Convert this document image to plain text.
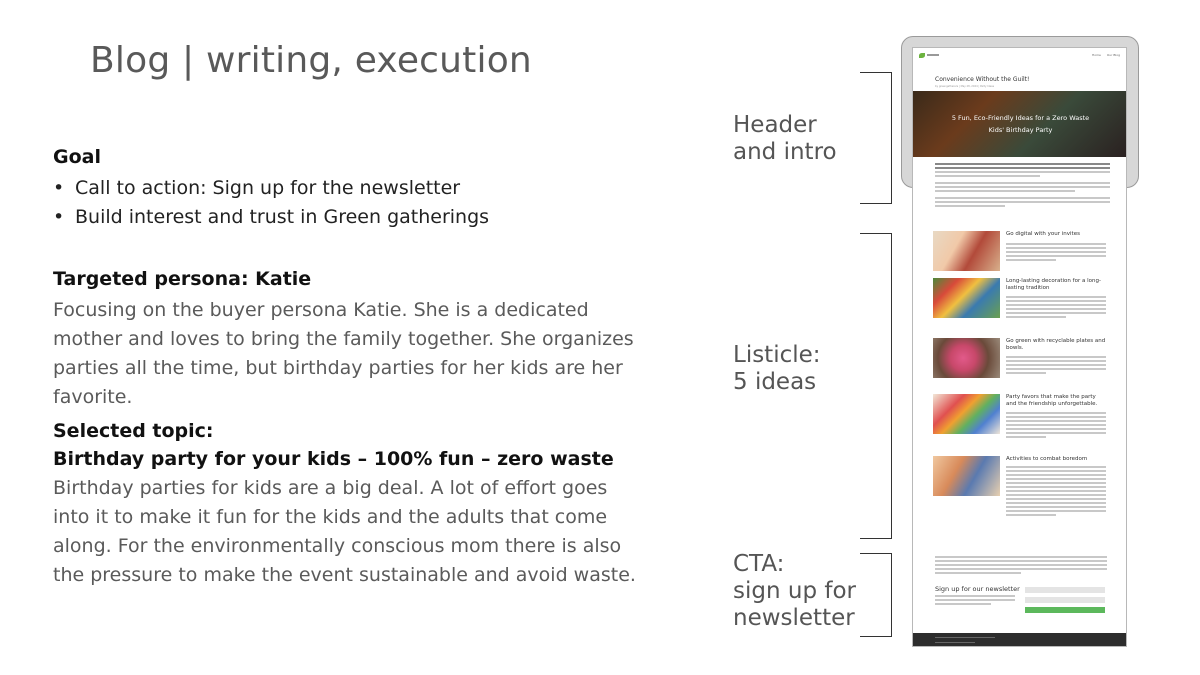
Blog | writing, execution
Goal
• Call to action: Sign up for the newsletter
• Build interest and trust in Green gatherings
Targeted persona: Katie
Focusing on the buyer persona Katie. She is a dedicated mother and loves to bring the family together. She organizes parties all the time, but birthday parties for her kids are her favorite.
Selected topic:
Birthday party for your kids – 100% fun – zero waste
Birthday parties for kids are a big deal. A lot of effort goes into it to make it fun for the kids and the adults that come along. For the environmentally conscious mom there is also the pressure to make the event sustainable and avoid waste.
Header
and intro
Listicle:
5 ideas
CTA:
sign up for
newsletter
Home Our Blog
Convenience Without the Guilt!
by greengatherers | May 28, 2024 | Party Ideas
5 Fun, Eco-Friendly Ideas for a Zero Waste Kids' Birthday Party
Go digital with your invites
Long-lasting decoration for a long-lasting tradition
Go green with recyclable plates and bowls.
Party favors that make the party and the friendship unforgettable.
Activities to combat boredom
Sign up for our newsletter
